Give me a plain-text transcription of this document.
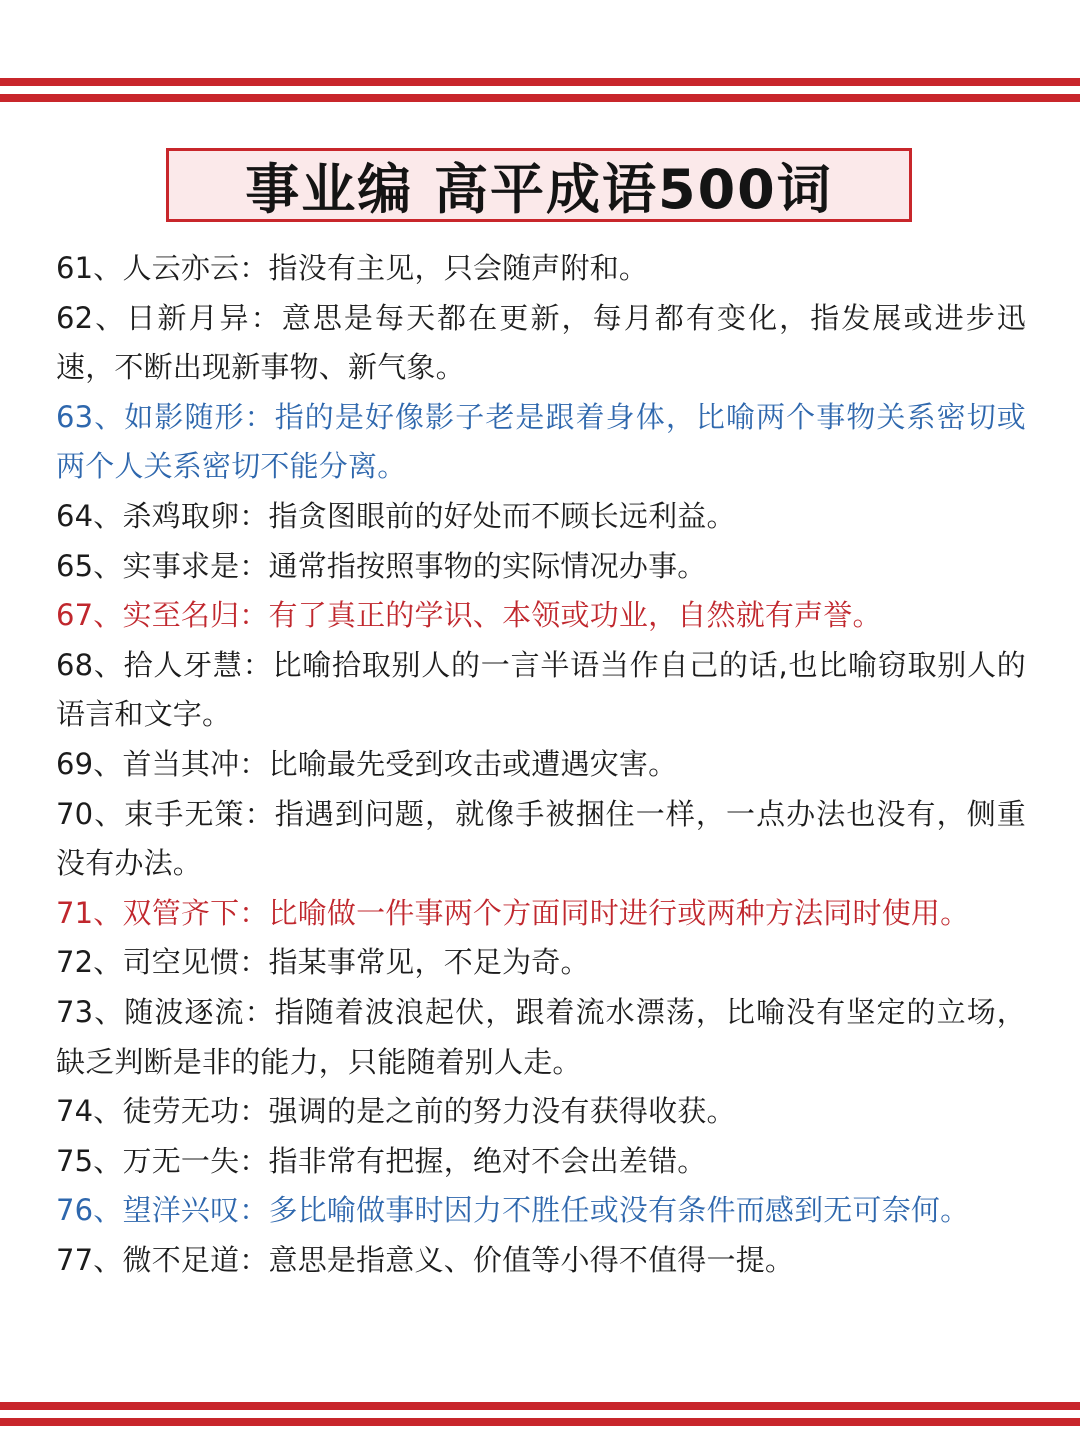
事业编 高平成语500词
61、人云亦云：指没有主见，只会随声附和。
62、日新月异：意思是每天都在更新，每月都有变化，指发展或进步迅速，不断出现新事物、新气象。
63、如影随形：指的是好像影子老是跟着身体，比喻两个事物关系密切或两个人关系密切不能分离。
64、杀鸡取卵：指贪图眼前的好处而不顾长远利益。
65、实事求是：通常指按照事物的实际情况办事。
67、实至名归：有了真正的学识、本领或功业，自然就有声誉。
68、拾人牙慧：比喻拾取别人的一言半语当作自己的话,也比喻窃取别人的语言和文字。
69、首当其冲：比喻最先受到攻击或遭遇灾害。
70、束手无策：指遇到问题，就像手被捆住一样，一点办法也没有，侧重没有办法。
71、双管齐下：比喻做一件事两个方面同时进行或两种方法同时使用。
72、司空见惯：指某事常见，不足为奇。
73、随波逐流：指随着波浪起伏，跟着流水漂荡，比喻没有坚定的立场，缺乏判断是非的能力，只能随着别人走。
74、徒劳无功：强调的是之前的努力没有获得收获。
75、万无一失：指非常有把握，绝对不会出差错。
76、望洋兴叹：多比喻做事时因力不胜任或没有条件而感到无可奈何。
77、微不足道：意思是指意义、价值等小得不值得一提。
